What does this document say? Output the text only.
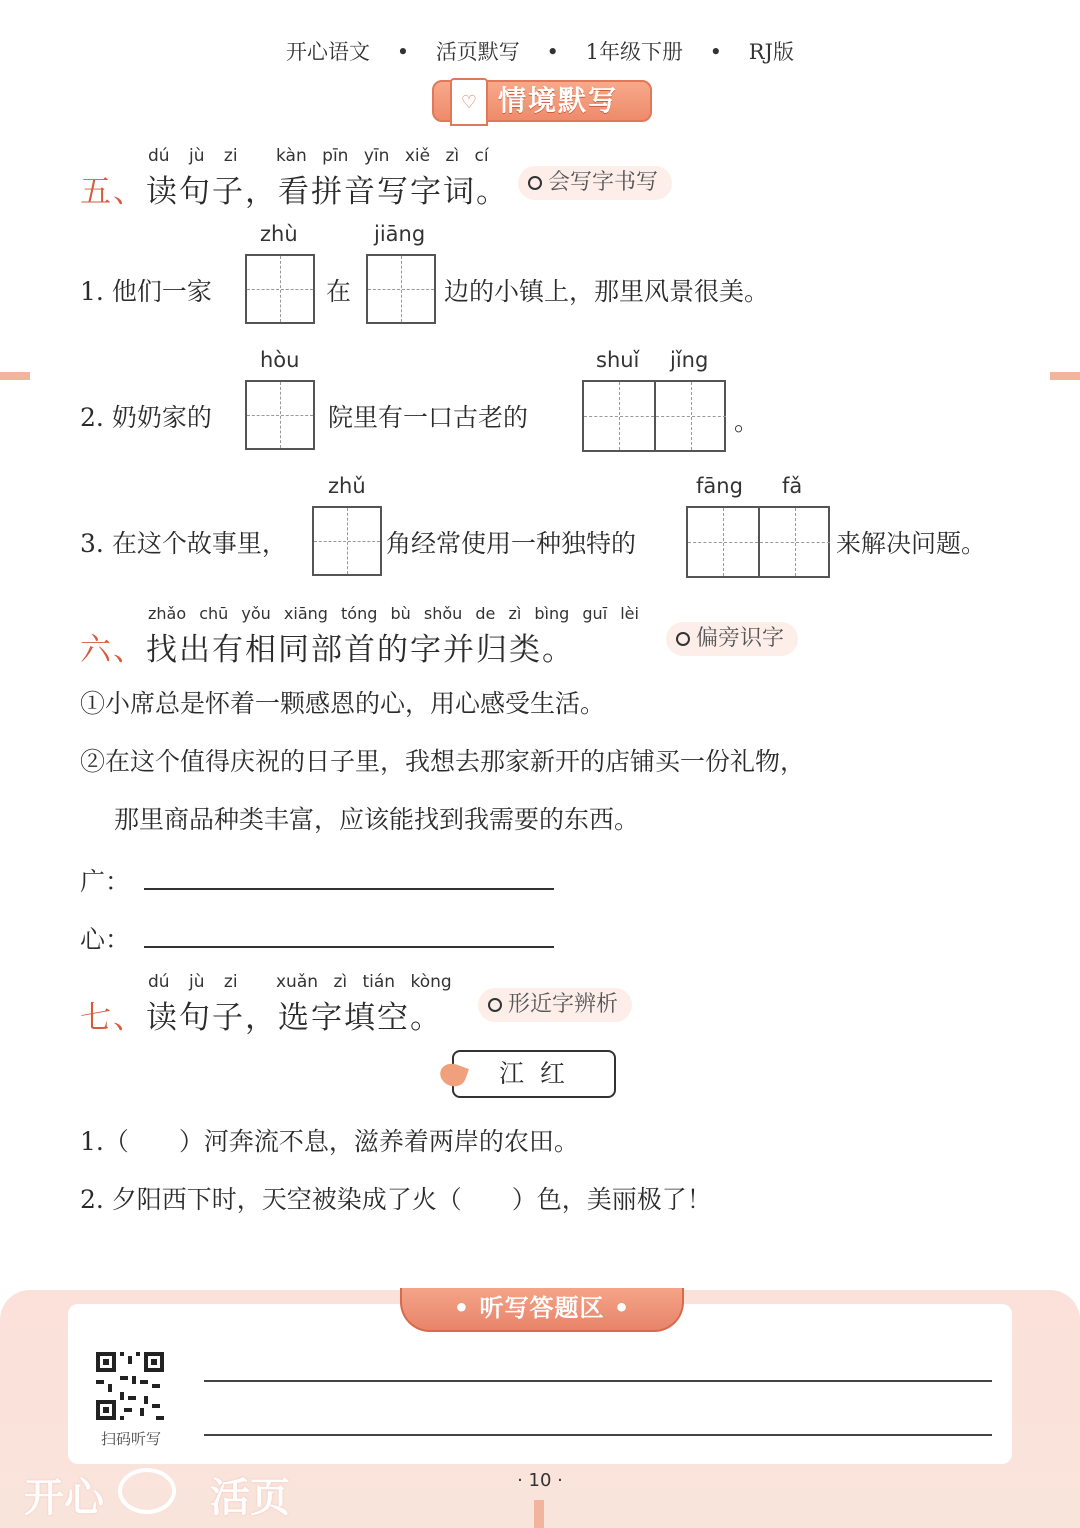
开心语文 • 活页默写 • 1年级下册 • RJ版
♡ 情境默写
dú jù zi kàn pīn yīn xiě zì cí
五、读句子，看拼音写字词。	会写字书写
1. 他们一家
zhù
在
jiāng
边的小镇上，那里风景很美。
2. 奶奶家的
hòu
院里有一口古老的
shuǐ jǐng
。
3. 在这个故事里，
zhǔ
角经常使用一种独特的
fāng fǎ
来解决问题。
zhǎo chū yǒu xiāng tóng bù shǒu de zì bìng guī lèi
六、找出有相同部首的字并归类。	偏旁识字
①小席总是怀着一颗感恩的心，用心感受生活。
②在这个值得庆祝的日子里，我想去那家新开的店铺买一份礼物，
那里商品种类丰富，应该能找到我需要的东西。
广：
心：
dú jù zi xuǎn zì tián kòng
七、读句子，选字填空。	形近字辨析
江 红
1.（　　）河奔流不息，滋养着两岸的农田。
2. 夕阳西下时，天空被染成了火（　　）色，美丽极了！
• 听写答题区 •
扫码听写
开心	活页	· 10 ·
